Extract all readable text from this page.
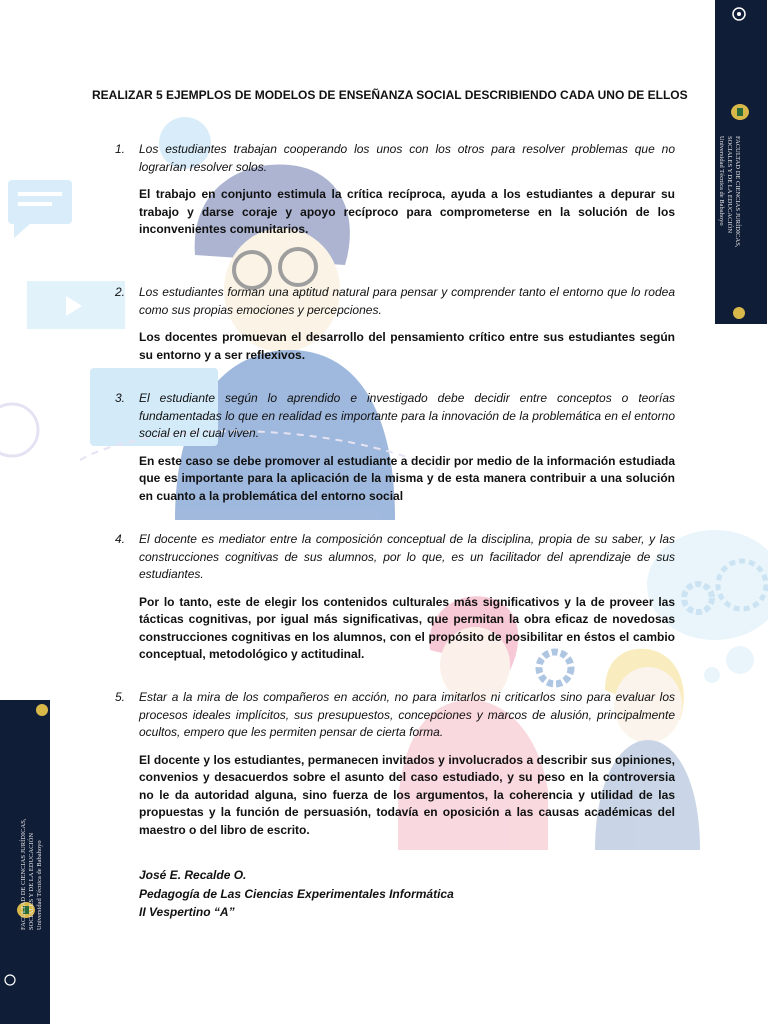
FACULTAD DE CIENCIAS JURÍDICAS,
SOCIALES Y DE LA EDUCACIÓN
Universidad Técnica de Babahoyo
FACULTAD DE CIENCIAS JURÍDICAS, SOCIALES Y DE LA EDUCACIÓN Universidad Técnica de Babahoyo
REALIZAR 5 EJEMPLOS DE MODELOS DE ENSEÑANZA SOCIAL DESCRIBIENDO CADA UNO DE ELLOS
1. Los estudiantes trabajan cooperando los unos con los otros para resolver problemas que no lograrían resolver solos.
El trabajo en conjunto estimula la crítica recíproca, ayuda a los estudiantes a depurar su trabajo y darse coraje y apoyo recíproco para comprometerse en la solución de los inconvenientes comunitarios.
2. Los estudiantes forman una aptitud natural para pensar y comprender tanto el entorno que lo rodea como sus propias emociones y percepciones.
Los docentes promuevan el desarrollo del pensamiento crítico entre sus estudiantes según su entorno y a ser reflexivos.
3. El estudiante según lo aprendido e investigado debe decidir entre conceptos o teorías fundamentadas lo que en realidad es importante para la innovación de la problemática en el entorno social en el cual viven.
En este caso se debe promover al estudiante a decidir por medio de la información estudiada que es importante para la aplicación de la misma y de esta manera contribuir a una solución en cuanto a la problemática del entorno social
4. El docente es mediator entre la composición conceptual de la disciplina, propia de su saber, y las construcciones cognitivas de sus alumnos, por lo que, es un facilitador del aprendizaje de sus estudiantes.
Por lo tanto, este de elegir los contenidos culturales más significativos y la de proveer las tácticas cognitivas, por igual más significativas, que permitan la obra eficaz de novedosas construcciones cognitivas en los alumnos, con el propósito de posibilitar en éstos el cambio conceptual, metodológico y actitudinal.
5. Estar a la mira de los compañeros en acción, no para imitarlos ni criticarlos sino para evaluar los procesos ideales implícitos, sus presupuestos, concepciones y marcos de alusión, principalmente ocultos, empero que les permiten pensar de cierta forma.
El docente y los estudiantes, permanecen invitados y involucrados a describir sus opiniones, convenios y desacuerdos sobre el asunto del caso estudiado, y su peso en la controversia no le da autoridad alguna, sino fuerza de los argumentos, la coherencia y utilidad de las propuestas y la función de persuasión, todavía en oposición a las causas académicas del maestro o del libro de escrito.
José E. Recalde O.
Pedagogía de Las Ciencias Experimentales Informática
II Vespertino “A”
